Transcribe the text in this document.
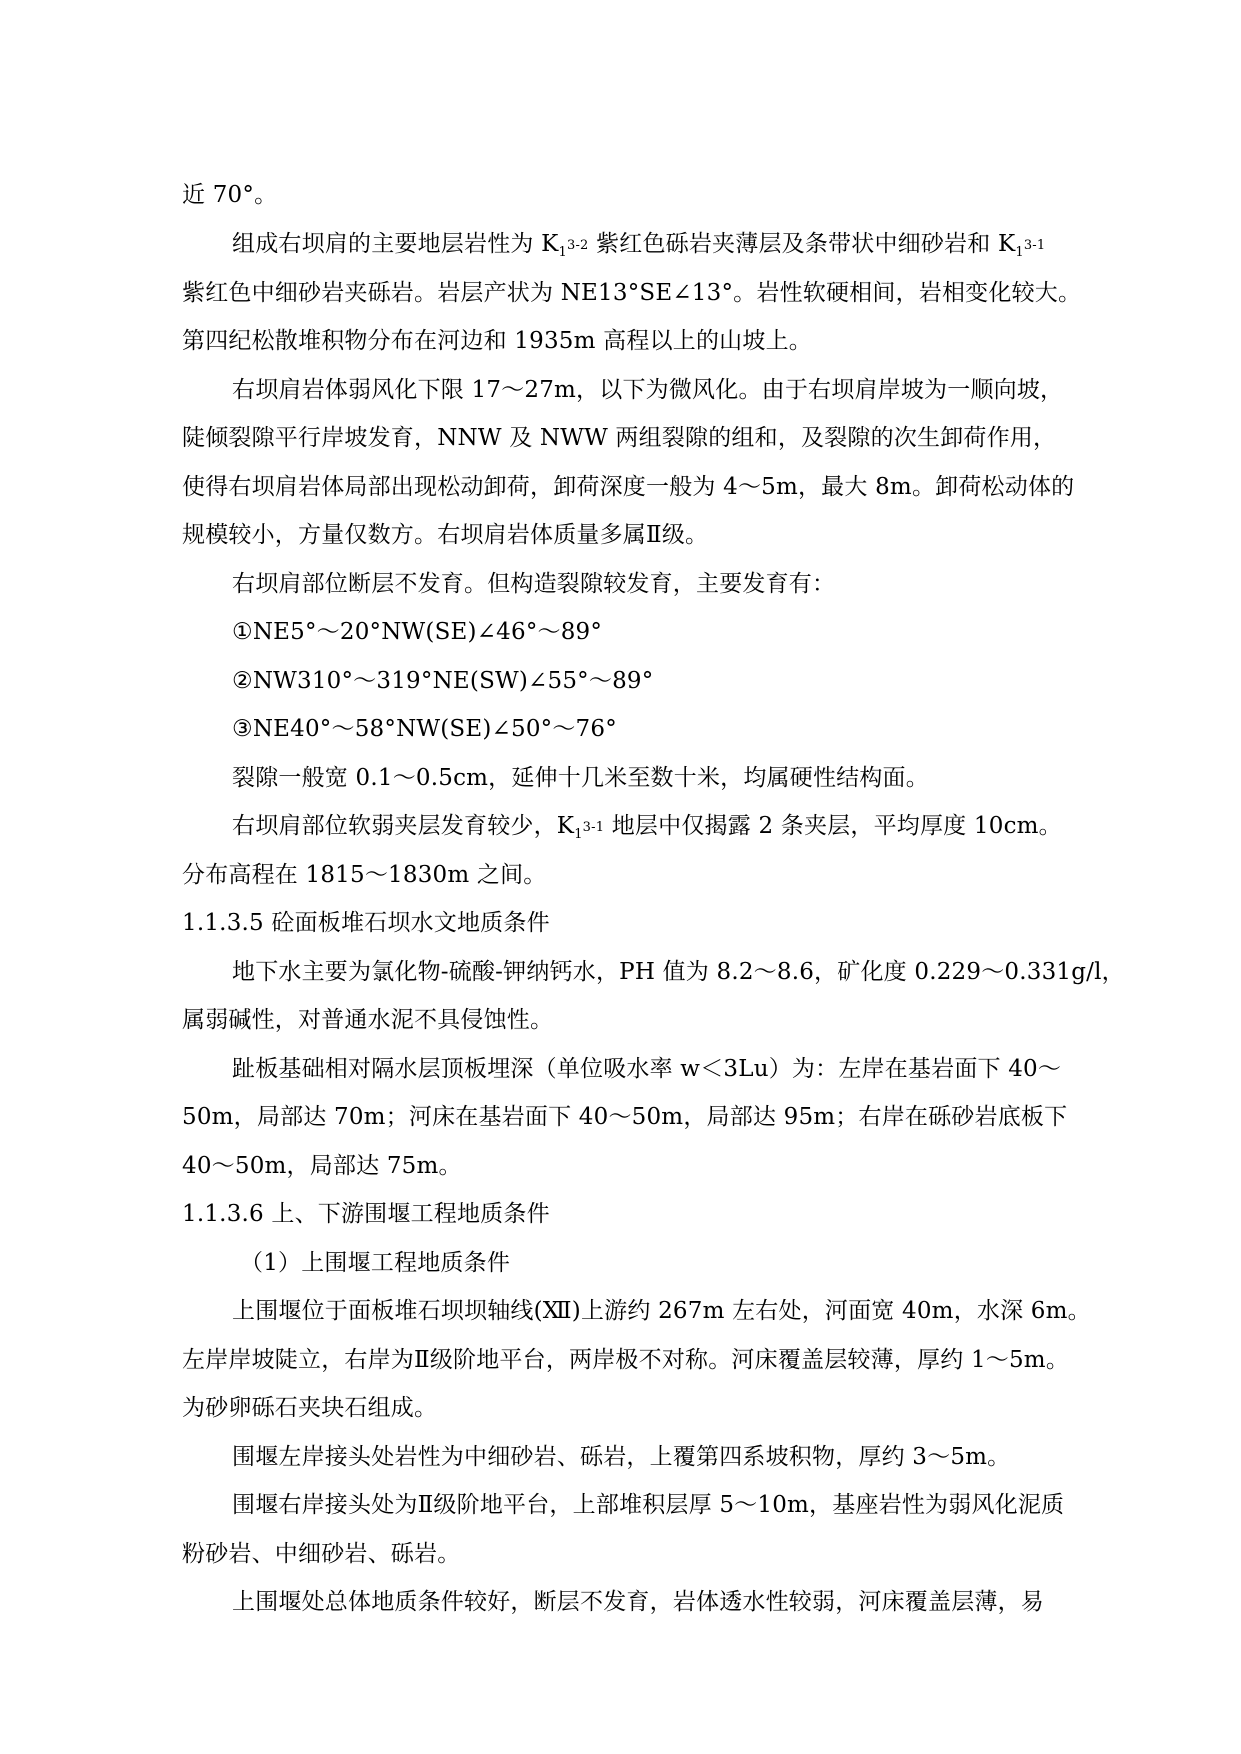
近 70°。
组成右坝肩的主要地层岩性为 $K_1^{3-2}$ 紫红色砾岩夹薄层及条带状中细砂岩和 $K_1^{3-1}$
紫红色中细砂岩夹砾岩。岩层产状为 NE13°SE∠13°。岩性软硬相间，岩相变化较大。
第四纪松散堆积物分布在河边和 1935m 高程以上的山坡上。
右坝肩岩体弱风化下限 17～27m，以下为微风化。由于右坝肩岸坡为一顺向坡，
陡倾裂隙平行岸坡发育，NNW 及 NWW 两组裂隙的组和，及裂隙的次生卸荷作用，
使得右坝肩岩体局部出现松动卸荷，卸荷深度一般为 4～5m，最大 8m。卸荷松动体的
规模较小，方量仅数方。右坝肩岩体质量多属Ⅱ级。
右坝肩部位断层不发育。但构造裂隙较发育，主要发育有：
①NE5°～20°NW(SE)∠46°～89°
②NW310°～319°NE(SW)∠55°～89°
③NE40°～58°NW(SE)∠50°～76°
裂隙一般宽 0.1～0.5cm，延伸十几米至数十米，均属硬性结构面。
右坝肩部位软弱夹层发育较少，$K_1^{3-1}$ 地层中仅揭露 2 条夹层，平均厚度 10cm。
分布高程在 1815～1830m 之间。
1.1.3.5 砼面板堆石坝水文地质条件
地下水主要为氯化物-硫酸-钾纳钙水，PH 值为 8.2～8.6，矿化度 0.229～0.331g/l，
属弱碱性，对普通水泥不具侵蚀性。
趾板基础相对隔水层顶板埋深（单位吸水率 w＜3Lu）为：左岸在基岩面下 40～
50m，局部达 70m；河床在基岩面下 40～50m，局部达 95m；右岸在砾砂岩底板下
40～50m，局部达 75m。
1.1.3.6 上、下游围堰工程地质条件
（1）上围堰工程地质条件
上围堰位于面板堆石坝坝轴线(Ⅻ)上游约 267m 左右处，河面宽 40m，水深 6m。
左岸岸坡陡立，右岸为Ⅱ级阶地平台，两岸极不对称。河床覆盖层较薄，厚约 1～5m。
为砂卵砾石夹块石组成。
围堰左岸接头处岩性为中细砂岩、砾岩，上覆第四系坡积物，厚约 3～5m。
围堰右岸接头处为Ⅱ级阶地平台，上部堆积层厚 5～10m，基座岩性为弱风化泥质
粉砂岩、中细砂岩、砾岩。
上围堰处总体地质条件较好，断层不发育，岩体透水性较弱，河床覆盖层薄，易
